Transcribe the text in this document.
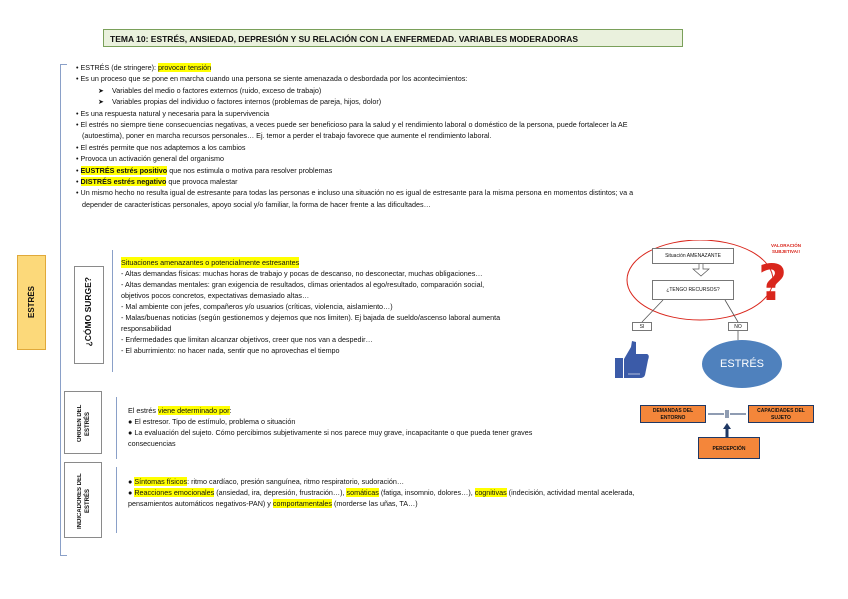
TEMA 10: ESTRÉS, ANSIEDAD, DEPRESIÓN Y SU RELACIÓN CON LA ENFERMEDAD. VARIABLES MODERADORAS
ESTRÉS
• ESTRÉS (de stringere): provocar tensión
• Es un proceso que se pone en marcha cuando una persona se siente amenazada o desbordada por los acontecimientos:
➤    Variables del medio o factores externos (ruido, exceso de trabajo)
➤    Variables propias del individuo o factores internos (problemas de pareja, hijos, dolor)
• Es una respuesta natural y necesaria para la supervivencia
• El estrés no siempre tiene consecuencias negativas, a veces puede ser beneficioso para la salud y el rendimiento laboral o doméstico de la persona, puede fortalecer la AE
(autoestima), poner en marcha recursos personales… Ej. temor a perder el trabajo favorece que aumente el rendimiento laboral.
• El estrés permite que nos adaptemos a los cambios
• Provoca un activación general del organismo
• EUSTRÉS estrés positivo que nos estimula o motiva para resolver problemas
• DISTRÉS estrés negativo que provoca malestar
• Un mismo hecho no resulta igual de estresante para todas las personas e incluso una situación no es igual de estresante para la misma persona en momentos distintos; va a
depender de características personales, apoyo social y/o familiar, la forma de hacer frente a las dificultades…
¿CÓMO SURGE?
Situaciones amenazantes o potencialmente estresantes
- Altas demandas físicas: muchas horas de trabajo y pocas de descanso, no desconectar, muchas obligaciones…
- Altas demandas mentales: gran exigencia de resultados, climas orientados al ego/resultado, comparación social,
objetivos pocos concretos, expectativas demasiado altas…
- Mal ambiente con jefes, compañeros y/o usuarios (críticas, violencia, aislamiento…)
- Malas/buenas noticias (según gestionemos y dejemos que nos limiten). Ej bajada de sueldo/ascenso laboral aumenta
responsabilidad
- Enfermedades que limitan alcanzar objetivos, creer que nos van a despedir…
- El aburrimiento: no hacer nada, sentir que no aprovechas el tiempo
Situación AMENAZANTE
¿TENGO RECURSOS?
SI	NO
ESTRÉS
VALORACIÓN SUBJETIVA!!
?
ORIGEN DEL ESTRÉS
El estrés viene determinado por:
● El estresor. Tipo de estímulo, problema o situación
● La evaluación del sujeto. Cómo percibimos subjetivamente si nos parece muy grave, incapacitante o que pueda tener graves
consecuencias
DEMANDAS DEL ENTORNO
CAPACIDADES DEL SUJETO
PERCEPCIÓN
INDICADORES DEL ESTRÉS
● Síntomas físicos: ritmo cardíaco, presión sanguínea, ritmo respiratorio, sudoración…
● Reacciones emocionales (ansiedad, ira, depresión, frustración…), somáticas (fatiga, insomnio, dolores…), cognitivas (indecisión, actividad mental acelerada,
pensamientos automáticos negativos-PAN) y comportamentales (morderse las uñas, TA…)
